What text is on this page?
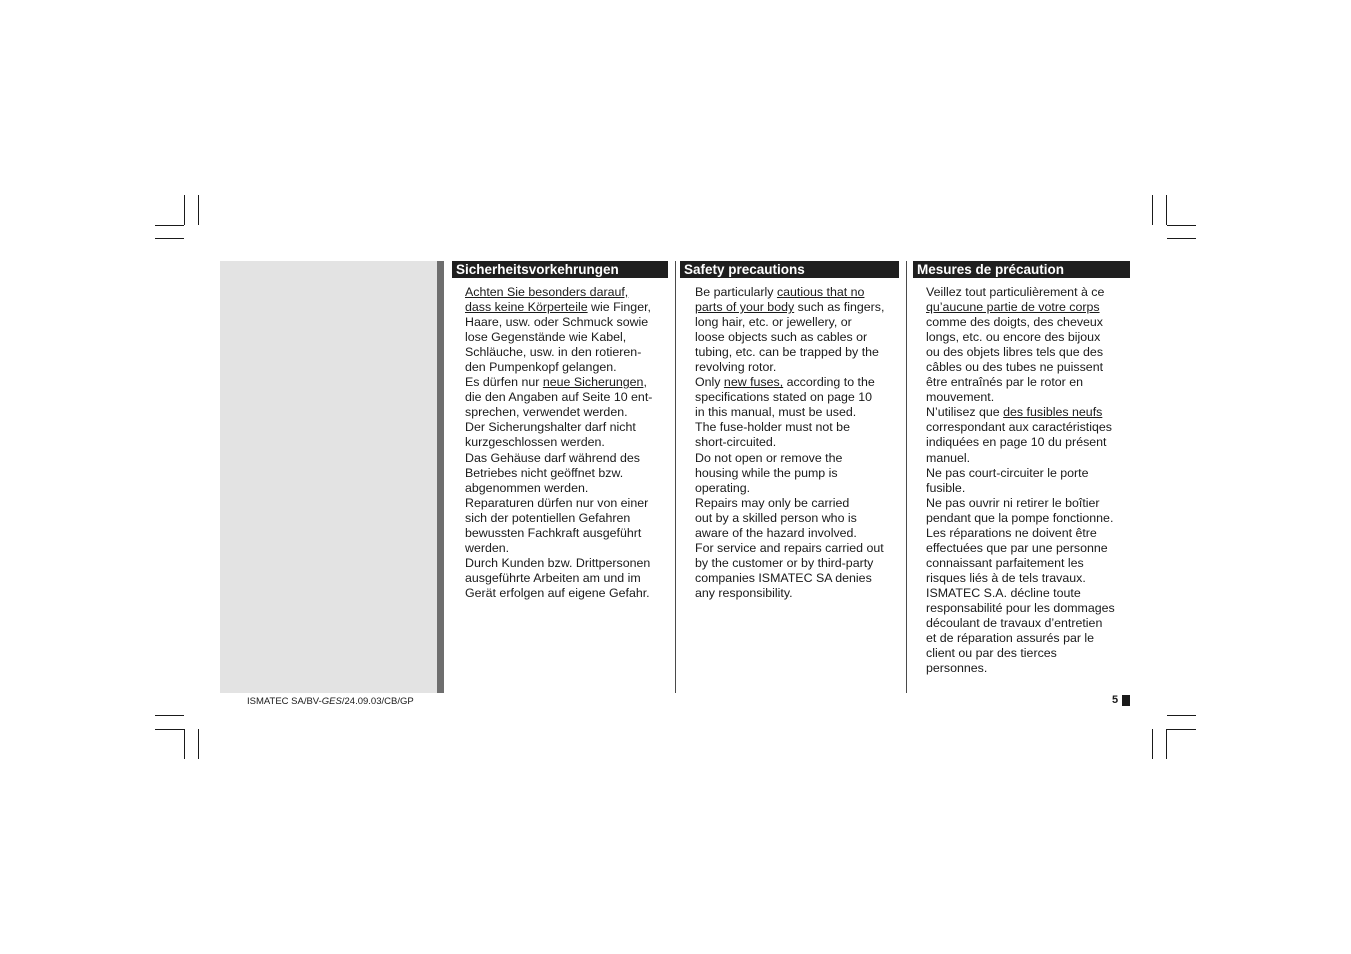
Sicherheitsvorkehrungen	Safety precautions	Mesures de précaution
Achten Sie besonders darauf,
dass keine Körperteile wie Finger,
Haare, usw. oder Schmuck sowie
lose Gegenstände wie Kabel,
Schläuche, usw. in den rotieren-
den Pumpenkopf gelangen.
Es dürfen nur neue Sicherungen,
die den Angaben auf Seite 10 ent-
sprechen, verwendet werden.
Der Sicherungshalter darf nicht
kurzgeschlossen werden.
Das Gehäuse darf während des
Betriebes nicht geöffnet bzw.
abgenommen werden.
Reparaturen dürfen nur von einer
sich der potentiellen Gefahren
bewussten Fachkraft ausgeführt
werden.
Durch Kunden bzw. Drittpersonen
ausgeführte Arbeiten am und im
Gerät erfolgen auf eigene Gefahr.
Be particularly cautious that no
parts of your body such as fingers,
long hair, etc. or jewellery, or
loose objects such as cables or
tubing, etc. can be trapped by the
revolving rotor.
Only new fuses, according to the
specifications stated on page 10
in this manual, must be used.
The fuse-holder must not be
short-circuited.
Do not open or remove the
housing while the pump is
operating.
Repairs may only be carried
out by a skilled person who is
aware of the hazard involved.
For service and repairs carried out
by the customer or by third-party
companies ISMATEC SA denies
any responsibility.
Veillez tout particulièrement à ce
qu’aucune partie de votre corps
comme des doigts, des cheveux
longs, etc. ou encore des bijoux
ou des objets libres tels que des
câbles ou des tubes ne puissent
être entraînés par le rotor en
mouvement.
N’utilisez que des fusibles neufs
correspondant aux caractéristiqes
indiquées en page 10 du présent
manuel.
Ne pas court-circuiter le porte
fusible.
Ne pas ouvrir ni retirer le boîtier
pendant que la pompe fonctionne.
Les réparations ne doivent être
effectuées que par une personne
connaissant parfaitement les
risques liés à de tels travaux.
ISMATEC S.A. décline toute
responsabilité pour les dommages
découlant de travaux d’entretien
et de réparation assurés par le
client ou par des tierces
personnes.
ISMATEC SA/BV-GES/24.09.03/CB/GP	5
